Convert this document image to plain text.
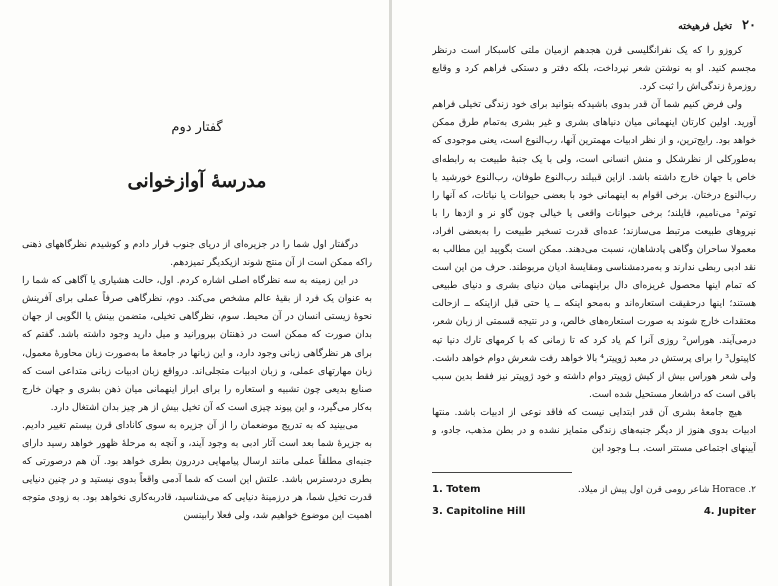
۲۰
تخیل فرهیخته

کروزو را که یک نفرانگلیسی قرن هجدهم ازمیان ملتی کاسبکار است درنظر مجسم کنید. او به نوشتن شعر نپرداخت، بلکه دفتر و دستکی فراهم کرد و وقایع روزمرهٔ زندگی‌اش را ثبت کرد.

ولی فرض کنیم شما آن قدر بدوی باشیدکه بتوانید برای خود زندگی تخیلی فراهم آورید. اولین کارتان اینهمانی میان دنیاهای بشری و غیر بشری به‌تمام طرق ممکن خواهد بود. رایج‌ترین، و از نظر ادبیات مهمترین آنها، رب‌النوع است، یعنی موجودی که به‌طورکلی از نظرشکل و منش انسانی است، ولی با یک جنبهٔ طبیعت به رابطه‌ای خاص با جهان خارج داشته باشد. ازاین قبیلند رب‌النوع طوفان، رب‌النوع خورشید یا رب‌النوع درختان. برخی اقوام به اینهمانی خود با بعضی حیوانات یا نباتات، که آنها را توتم¹ می‌نامیم، قایلند؛ برخی حیوانات واقعی یا خیالی چون گاو نر و اژدها را با نیروهای طبیعت مرتبط می‌سازند؛ عده‌ای قدرت تسخیر طبیعت را به‌بعضی افراد، معمولا ساحران وگاهی پادشاهان، نسبت می‌دهند. ممکن است بگویید این مطالب به نقد ادبی ربطی ندارند و به‌مردمشناسی ومقایسهٔ ادیان مربوطند. حرف من این است که تمام اینها محصول غریزه‌ای دال براینهمانی میان دنیای بشری و دنیای طبیعی هستند؛ اینها درحقیقت استعاره‌اند و به‌محو اینکه ــ یا حتی قبل ازاینکه ــ ازحالت معتقدات خارج شوند به صورت استعاره‌های خالص، و در نتیجه قسمتی از زبان شعر، درمی‌آیند. هوراس² روزی آنرا کم یاد کرد که تا زمانی که با کرمهای تارك دنیا تپه کاپیتول³ را برای پرستش در معبد ژوپیتر⁴ بالا خواهد رفت شعرش دوام خواهد داشت. ولی شعر هوراس بیش از کیش ژوپیتر دوام داشته و خود ژوپیتر نیز فقط بدین سبب باقی است که دراشعار مستحیل شده است.

هیچ جامعهٔ بشری آن قدر ابتدایی نیست که فاقد نوعی از ادبیات باشد. منتها ادبیات بدوی هنوز از دیگر جنبه‌های زندگی متمایز نشده و در بطن مذهب، جادو، و آیینهای اجتماعی مستتر است. بــا وجود این

1. Totem	۲. Horace شاعر رومی قرن اول پیش از میلاد.
3. Capitoline Hill	4. Jupiter
گفتار دوم
مدرسهٔ آوازخوانی

درگفتار اول شما را در جزیره‌ای از دریای جنوب قرار دادم و کوشیدم نظرگاههای ذهنی راکه ممکن است از آن منتج شوند ازیکدیگر تمیزدهم.

در این زمینه به سه نظرگاه اصلی اشاره کردم. اول، حالت هشیاری یا آگاهی که شما را به عنوان یک فرد از بقیهٔ عالم مشخص می‌کند. دوم، نظرگاهی صرفاً عملی برای آفرینش نحوهٔ زیستی انسان در آن محیط. سوم، نظرگاهی تخیلی، متضمن بینش یا الگویی از جهان بدان صورت که ممکن است در ذهنتان بپرورانید و میل دارید وجود داشته باشد. گفتم که برای هر نظرگاهی زبانی وجود دارد، و این زبانها در جامعهٔ ما به‌صورت زبان محاورهٔ معمول، زبان مهارتهای عملی، و زبان ادبیات متجلی‌اند. درواقع زبان ادبیات زبانی متداعی است که صنایع بدیعی چون تشبیه و استعاره را برای ابراز اینهمانی میان ذهن بشری و جهان خارج به‌کار می‌گیرد، و این پیوند چیزی است که آن تخیل بیش از هر چیز بدان اشتغال دارد.

می‌بینید که به تدریج موضعمان را از آن جزیره به سوی کانادای قرن بیستم تغییر دادیم. به جزیرهٔ شما بعد است آثار ادبی به وجود آیند، و آنچه به مرحلهٔ ظهور خواهد رسید دارای جنبه‌ای مطلقاً عملی مانند ارسال پیامهایی دردرون بطری خواهد بود. آن هم درصورتی که بطری دردسترس باشد. علتش این است که شما آدمی واقعاً بدوی نیستید و در چنین دنیایی قدرت تخیل شما، هر درزمینهٔ دنیایی که می‌شناسید، قادربه‌کاری نخواهد بود. به زودی متوجه اهمیت این موضوع خواهیم شد، ولی فعلا رابینسن
